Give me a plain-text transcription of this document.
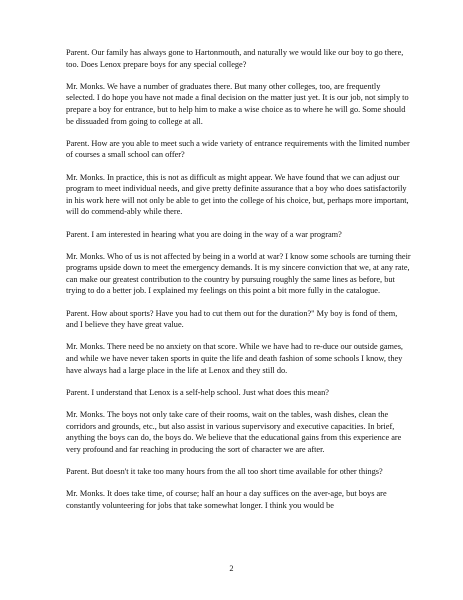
Parent. Our family has always gone to Hartonmouth, and naturally we would like our boy to go there, too. Does Lenox prepare boys for any special college?

Mr. Monks. We have a number of graduates there. But many other colleges, too, are frequently selected. I do hope you have not made a final decision on the matter just yet. It is our job, not simply to prepare a boy for entrance, but to help him to make a wise choice as to where he will go. Some should be dissuaded from going to college at all.

Parent. How are you able to meet such a wide variety of entrance requirements with the limited number of courses a small school can offer?

Mr. Monks. In practice, this is not as difficult as might appear. We have found that we can adjust our program to meet individual needs, and give pretty definite assurance that a boy who does satisfactorily in his work here will not only be able to get into the college of his choice, but, perhaps more important, will do commend-ably while there.

Parent. I am interested in hearing what you are doing in the way of a war program?

Mr. Monks. Who of us is not affected by being in a world at war? I know some schools are turning their programs upside down to meet the emergency demands. It is my sincere conviction that we, at any rate, can make our greatest contribution to the country by pursuing roughly the same lines as before, but trying to do a better job. I explained my feelings on this point a bit more fully in the catalogue.

Parent. How about sports? Have you had to cut them out for the duration?" My boy is fond of them, and I believe they have great value.

Mr. Monks. There need be no anxiety on that score. While we have had to re-duce our outside games, and while we have never taken sports in quite the life and death fashion of some schools I know, they have always had a large place in the life at Lenox and they still do.

Parent. I understand that Lenox is a self-help school. Just what does this mean?

Mr. Monks. The boys not only take care of their rooms, wait on the tables, wash dishes, clean the corridors and grounds, etc., but also assist in various supervisory and executive capacities. In brief, anything the boys can do, the boys do. We believe that the educational gains from this experience are very profound and far reaching in producing the sort of character we are after.

Parent. But doesn't it take too many hours from the all too short time available for other things?

Mr. Monks. It does take time, of course; half an hour a day suffices on the aver-age, but boys are constantly volunteering for jobs that take somewhat longer. I think you would be

2
